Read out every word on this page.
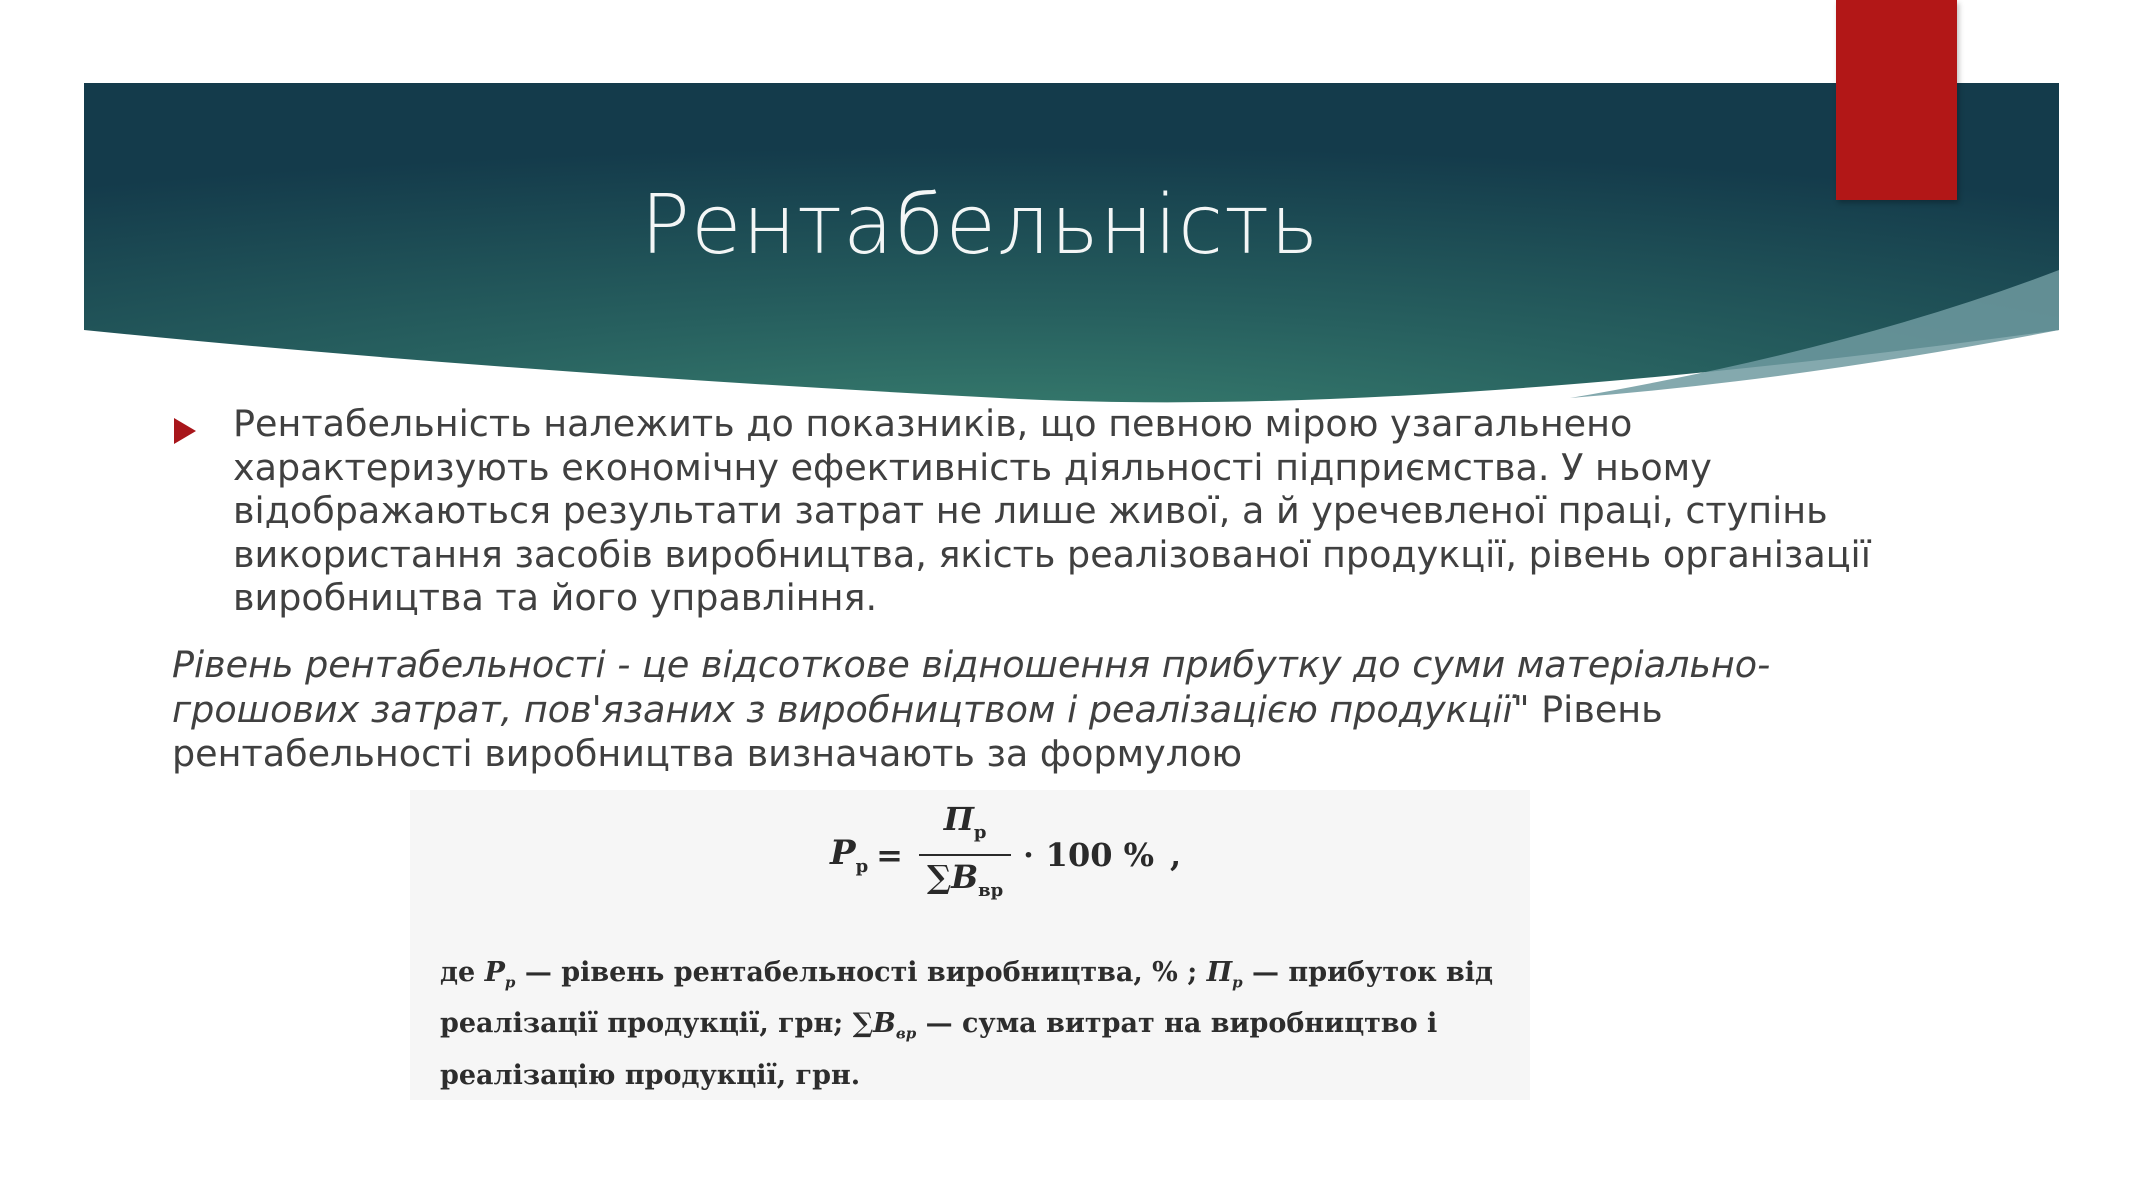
Рентабельність
Рентабельність належить до показників, що певною мірою узагальнено характеризують економічну ефективність діяльності підприємства. У ньому відображаються результати затрат не лише живої, а й уречевленої праці, ступінь використання засобів виробництва, якість реалізованої продукції, рівень організації виробництва та його управління.
Рівень рентабельності - це відсоткове відношення прибутку до суми матеріально-грошових затрат, пов'язаних з виробництвом і реалізацією продукції" Рівень рентабельності виробництва визначають за формулою
$P_р = \frac{П_р}{\sum B_{вр}} \cdot 100$ % ,
де $P_р$ — рівень рентабельності виробництва, % ; $П_р$ — прибуток від реалізації продукції, грн; $\sum B_{вр}$ — сума витрат на виробництво і реалізацію продукції, грн.
